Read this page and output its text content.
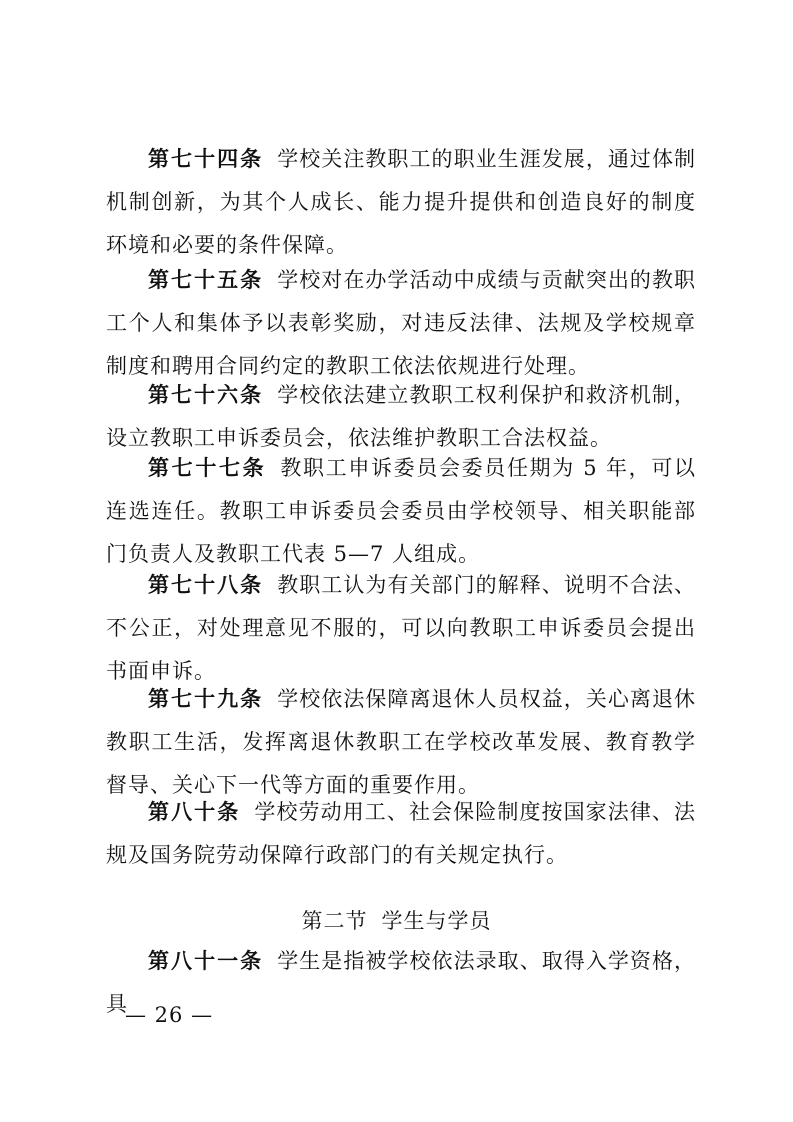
第七十四条 学校关注教职工的职业生涯发展，通过体制机制创新，为其个人成长、能力提升提供和创造良好的制度环境和必要的条件保障。

第七十五条 学校对在办学活动中成绩与贡献突出的教职工个人和集体予以表彰奖励，对违反法律、法规及学校规章制度和聘用合同约定的教职工依法依规进行处理。

第七十六条 学校依法建立教职工权利保护和救济机制，设立教职工申诉委员会，依法维护教职工合法权益。

第七十七条 教职工申诉委员会委员任期为 5 年，可以连选连任。教职工申诉委员会委员由学校领导、相关职能部门负责人及教职工代表 5—7 人组成。

第七十八条 教职工认为有关部门的解释、说明不合法、不公正，对处理意见不服的，可以向教职工申诉委员会提出书面申诉。

第七十九条 学校依法保障离退休人员权益，关心离退休教职工生活，发挥离退休教职工在学校改革发展、教育教学督导、关心下一代等方面的重要作用。

第八十条 学校劳动用工、社会保险制度按国家法律、法规及国务院劳动保障行政部门的有关规定执行。

第二节 学生与学员

第八十一条 学生是指被学校依法录取、取得入学资格，具

— 26 —
